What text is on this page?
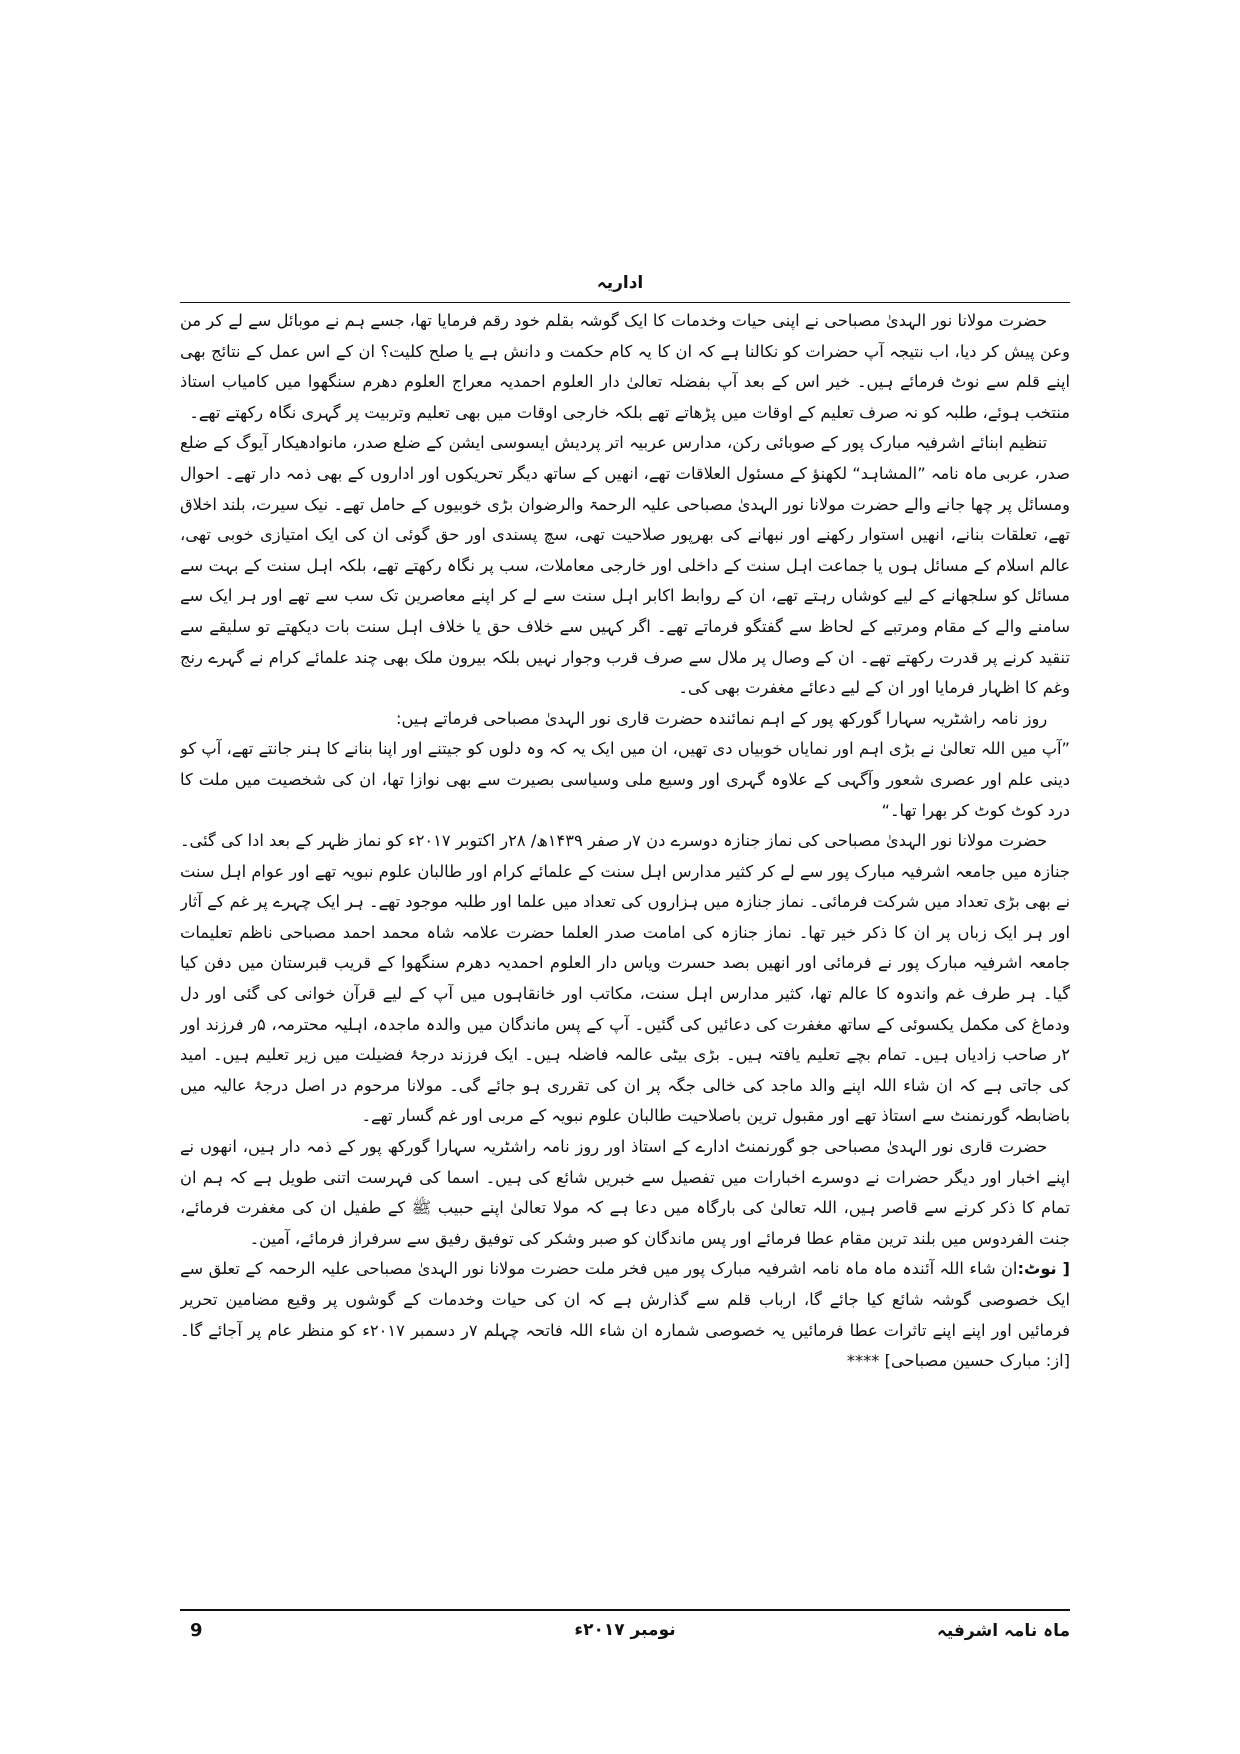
اداریہ

حضرت مولانا نور الہدیٰ مصباحی نے اپنی حیات وخدمات کا ایک گوشہ بقلم خود رقم فرمایا تھا، جسے ہم نے موبائل سے لے کر من وعن پیش کر دیا، اب نتیجہ آپ حضرات کو نکالنا ہے کہ ان کا یہ کام حکمت و دانش ہے یا صلح کلیت؟ ان کے اس عمل کے نتائج بھی اپنے قلم سے نوٹ فرمائے ہیں۔ خیر اس کے بعد آپ بفضلہ تعالیٰ دار العلوم احمدیہ معراج العلوم دھرم سنگھوا میں کامیاب استاذ منتخب ہوئے، طلبہ کو نہ صرف تعلیم کے اوقات میں پڑھاتے تھے بلکہ خارجی اوقات میں بھی تعلیم وتربیت پر گہری نگاہ رکھتے تھے۔

تنظیم ابنائے اشرفیہ مبارک پور کے صوبائی رکن، مدارس عربیہ اتر پردیش ایسوسی ایشن کے ضلع صدر، مانوادھیکار آیوگ کے ضلع صدر، عربی ماہ نامہ ”المشاہد“ لکھنؤ کے مسئول العلاقات تھے، انھیں کے ساتھ دیگر تحریکوں اور اداروں کے بھی ذمہ دار تھے۔ احوال ومسائل پر چھا جانے والے حضرت مولانا نور الہدیٰ مصباحی علیہ الرحمۃ والرضوان بڑی خوبیوں کے حامل تھے۔ نیک سیرت، بلند اخلاق تھے، تعلقات بنانے، انھیں استوار رکھنے اور نبھانے کی بھرپور صلاحیت تھی، سچ پسندی اور حق گوئی ان کی ایک امتیازی خوبی تھی، عالم اسلام کے مسائل ہوں یا جماعت اہل سنت کے داخلی اور خارجی معاملات، سب پر نگاہ رکھتے تھے، بلکہ اہل سنت کے بہت سے مسائل کو سلجھانے کے لیے کوشاں رہتے تھے، ان کے روابط اکابر اہل سنت سے لے کر اپنے معاصرین تک سب سے تھے اور ہر ایک سے سامنے والے کے مقام ومرتبے کے لحاظ سے گفتگو فرماتے تھے۔ اگر کہیں سے خلاف حق یا خلاف اہل سنت بات دیکھتے تو سلیقے سے تنقید کرنے پر قدرت رکھتے تھے۔ ان کے وصال پر ملال سے صرف قرب وجوار نہیں بلکہ بیرون ملک بھی چند علمائے کرام نے گہرے رنج وغم کا اظہار فرمایا اور ان کے لیے دعائے مغفرت بھی کی۔

روز نامہ راشٹریہ سہارا گورکھ پور کے اہم نمائندہ حضرت قاری نور الہدیٰ مصباحی فرماتے ہیں:

”آپ میں اللہ تعالیٰ نے بڑی اہم اور نمایاں خوبیاں دی تھیں، ان میں ایک یہ کہ وہ دلوں کو جیتنے اور اپنا بنانے کا ہنر جانتے تھے، آپ کو دینی علم اور عصری شعور وآگہی کے علاوہ گہری اور وسیع ملی وسیاسی بصیرت سے بھی نوازا تھا، ان کی شخصیت میں ملت کا درد کوٹ کوٹ کر بھرا تھا۔“

حضرت مولانا نور الہدیٰ مصباحی کی نماز جنازہ دوسرے دن ۷ر صفر ۱۴۳۹ھ/ ۲۸ر اکتوبر ۲۰۱۷ء کو نماز ظہر کے بعد ادا کی گئی۔ جنازہ میں جامعہ اشرفیہ مبارک پور سے لے کر کثیر مدارس اہل سنت کے علمائے کرام اور طالبان علوم نبویہ تھے اور عوام اہل سنت نے بھی بڑی تعداد میں شرکت فرمائی۔ نماز جنازہ میں ہزاروں کی تعداد میں علما اور طلبہ موجود تھے۔ ہر ایک چہرے پر غم کے آثار اور ہر ایک زباں پر ان کا ذکر خیر تھا۔ نماز جنازہ کی امامت صدر العلما حضرت علامہ شاہ محمد احمد مصباحی ناظم تعلیمات جامعہ اشرفیہ مبارک پور نے فرمائی اور انھیں بصد حسرت ویاس دار العلوم احمدیہ دھرم سنگھوا کے قریب قبرستان میں دفن کیا گیا۔ ہر طرف غم واندوہ کا عالم تھا، کثیر مدارس اہل سنت، مکاتب اور خانقاہوں میں آپ کے لیے قرآن خوانی کی گئی اور دل ودماغ کی مکمل یکسوئی کے ساتھ مغفرت کی دعائیں کی گئیں۔ آپ کے پس ماندگان میں والدہ ماجدہ، اہلیہ محترمہ، ۵ر فرزند اور ۲ر صاحب زادیاں ہیں۔ تمام بچے تعلیم یافتہ ہیں۔ بڑی بیٹی عالمہ فاضلہ ہیں۔ ایک فرزند درجۂ فضیلت میں زیر تعلیم ہیں۔ امید کی جاتی ہے کہ ان شاء اللہ اپنے والد ماجد کی خالی جگہ پر ان کی تقرری ہو جائے گی۔ مولانا مرحوم در اصل درجۂ عالیہ میں باضابطہ گورنمنٹ سے استاذ تھے اور مقبول ترین باصلاحیت طالبان علوم نبویہ کے مربی اور غم گسار تھے۔

حضرت قاری نور الہدیٰ مصباحی جو گورنمنٹ ادارے کے استاذ اور روز نامہ راشٹریہ سہارا گورکھ پور کے ذمہ دار ہیں، انھوں نے اپنے اخبار اور دیگر حضرات نے دوسرے اخبارات میں تفصیل سے خبریں شائع کی ہیں۔ اسما کی فہرست اتنی طویل ہے کہ ہم ان تمام کا ذکر کرنے سے قاصر ہیں، اللہ تعالیٰ کی بارگاہ میں دعا ہے کہ مولا تعالیٰ اپنے حبیب ﷺ کے طفیل ان کی مغفرت فرمائے، جنت الفردوس میں بلند ترین مقام عطا فرمائے اور پس ماندگان کو صبر وشکر کی توفیق رفیق سے سرفراز فرمائے، آمین۔

[ نوٹ:ان شاء اللہ آئندہ ماہ ماہ نامہ اشرفیہ مبارک پور میں فخر ملت حضرت مولانا نور الہدیٰ مصباحی علیہ الرحمہ کے تعلق سے ایک خصوصی گوشہ شائع کیا جائے گا، ارباب قلم سے گذارش ہے کہ ان کی حیات وخدمات کے گوشوں پر وقیع مضامین تحریر فرمائیں اور اپنے اپنے تاثرات عطا فرمائیں یہ خصوصی شمارہ ان شاء اللہ فاتحہ چہلم ۷ر دسمبر ۲۰۱۷ء کو منظر عام پر آجائے گا۔ [از: مبارک حسین مصباحی] ****

ماہ نامہ اشرفیہ
نومبر ۲۰۱۷ء
9
